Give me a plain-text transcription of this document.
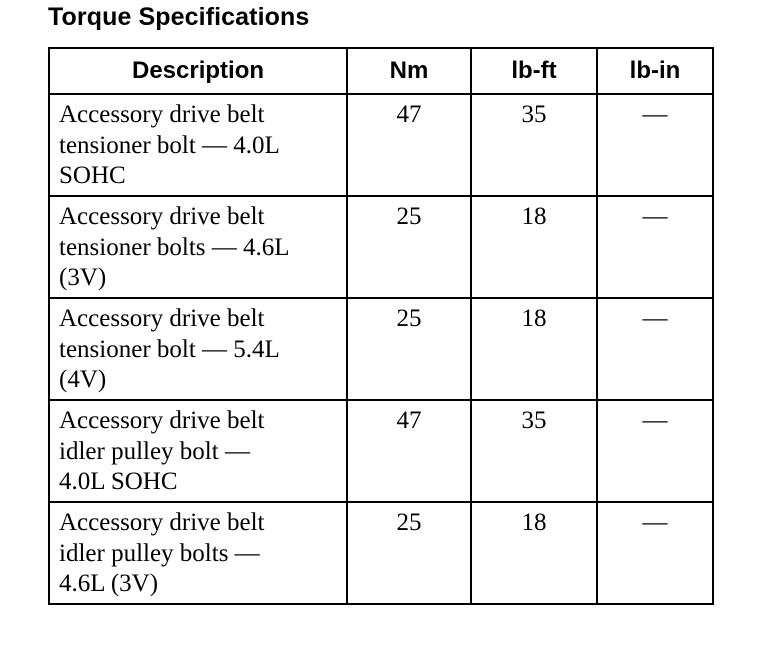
Torque Specifications
Description	Nm	lb-ft	lb-in
Accessory drive belt
tensioner bolt — 4.0L
SOHC	47	35	—
Accessory drive belt
tensioner bolts — 4.6L
(3V)	25	18	—
Accessory drive belt
tensioner bolt — 5.4L
(4V)	25	18	—
Accessory drive belt
idler pulley bolt —
4.0L SOHC	47	35	—
Accessory drive belt
idler pulley bolts —
4.6L (3V)	25	18	—
